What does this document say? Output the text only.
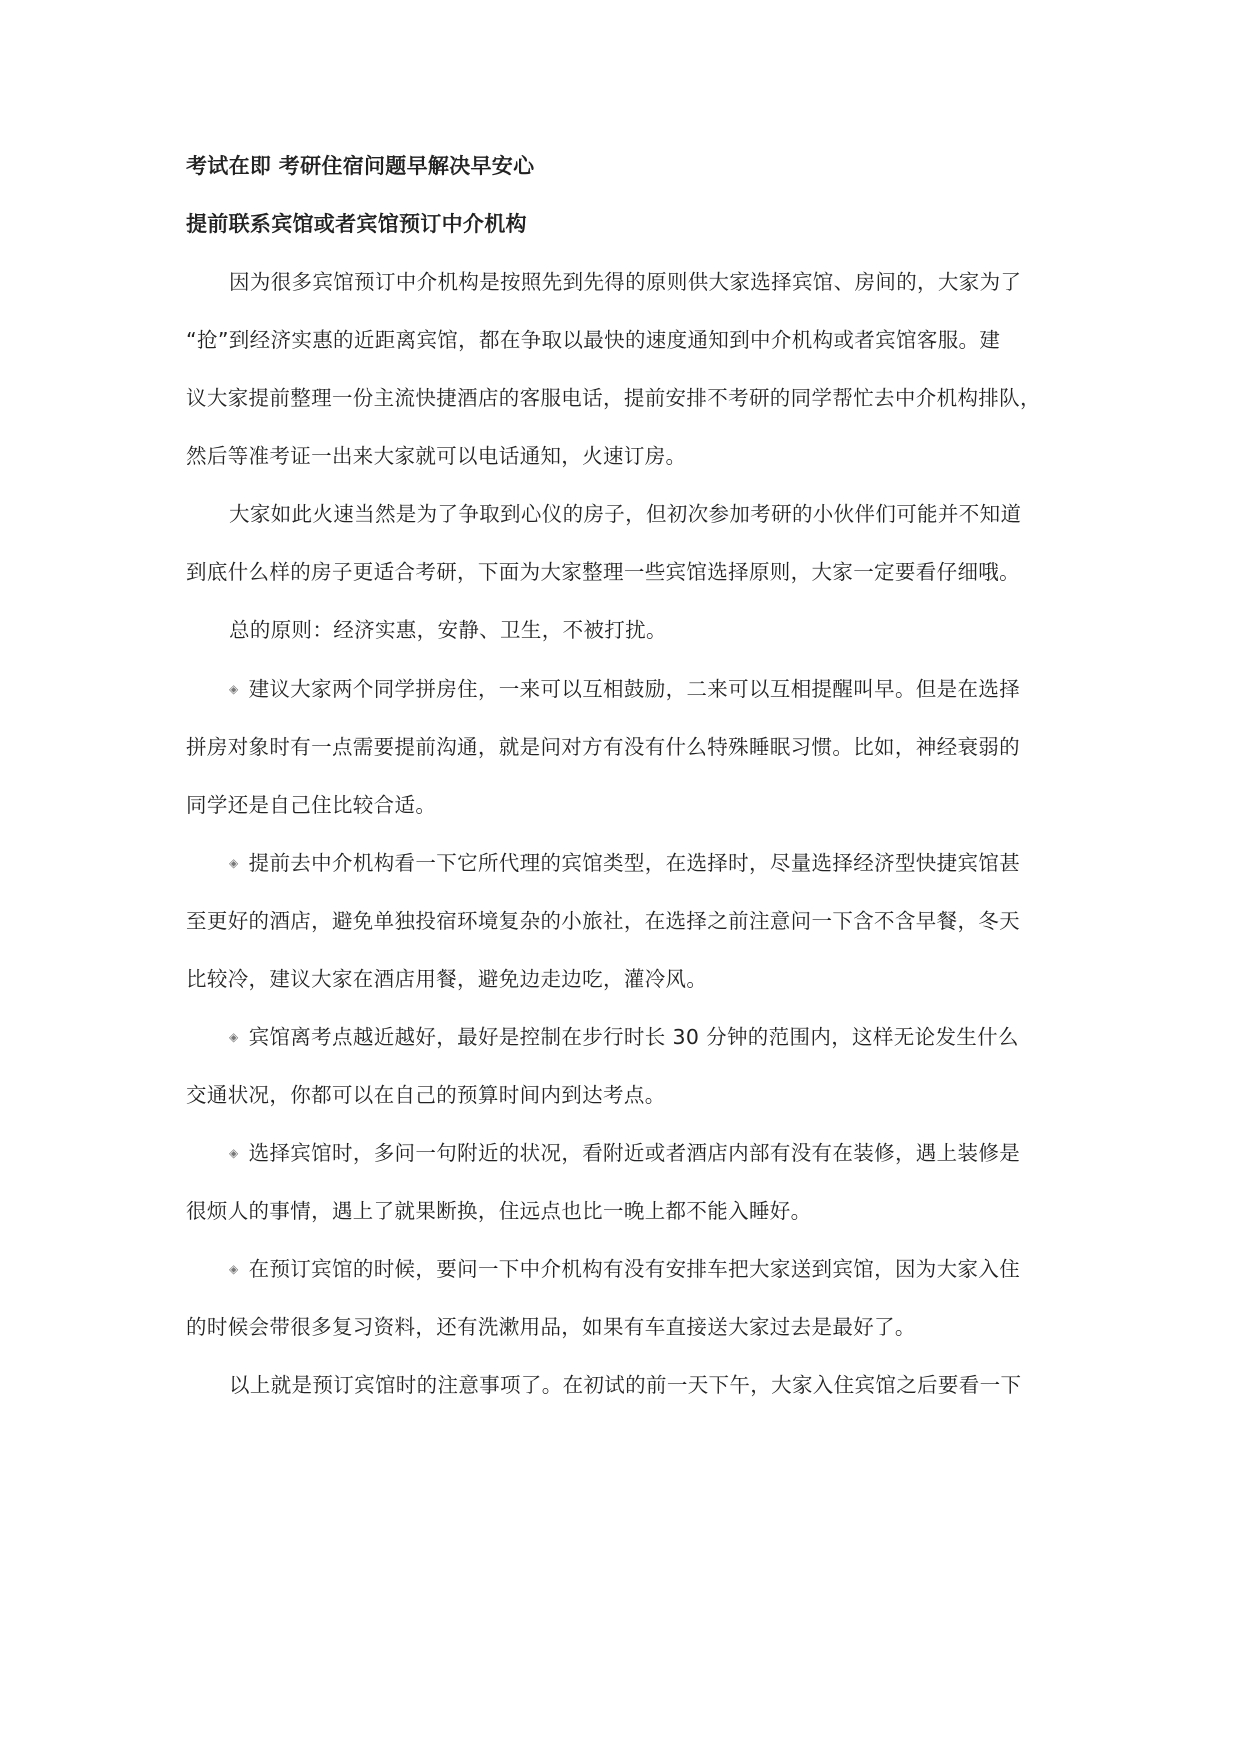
考试在即 考研住宿问题早解决早安心
提前联系宾馆或者宾馆预订中介机构
因为很多宾馆预订中介机构是按照先到先得的原则供大家选择宾馆、房间的，大家为了
“抢”到经济实惠的近距离宾馆，都在争取以最快的速度通知到中介机构或者宾馆客服。建
议大家提前整理一份主流快捷酒店的客服电话，提前安排不考研的同学帮忙去中介机构排队，
然后等准考证一出来大家就可以电话通知，火速订房。
大家如此火速当然是为了争取到心仪的房子，但初次参加考研的小伙伴们可能并不知道
到底什么样的房子更适合考研，下面为大家整理一些宾馆选择原则，大家一定要看仔细哦。
总的原则：经济实惠，安静、卫生，不被打扰。
◈ 建议大家两个同学拼房住，一来可以互相鼓励，二来可以互相提醒叫早。但是在选择
拼房对象时有一点需要提前沟通，就是问对方有没有什么特殊睡眠习惯。比如，神经衰弱的
同学还是自己住比较合适。
◈ 提前去中介机构看一下它所代理的宾馆类型，在选择时，尽量选择经济型快捷宾馆甚
至更好的酒店，避免单独投宿环境复杂的小旅社，在选择之前注意问一下含不含早餐，冬天
比较冷，建议大家在酒店用餐，避免边走边吃，灌冷风。
◈ 宾馆离考点越近越好，最好是控制在步行时长 30 分钟的范围内，这样无论发生什么
交通状况，你都可以在自己的预算时间内到达考点。
◈ 选择宾馆时，多问一句附近的状况，看附近或者酒店内部有没有在装修，遇上装修是
很烦人的事情，遇上了就果断换，住远点也比一晚上都不能入睡好。
◈ 在预订宾馆的时候，要问一下中介机构有没有安排车把大家送到宾馆，因为大家入住
的时候会带很多复习资料，还有洗漱用品，如果有车直接送大家过去是最好了。
以上就是预订宾馆时的注意事项了。在初试的前一天下午，大家入住宾馆之后要看一下
